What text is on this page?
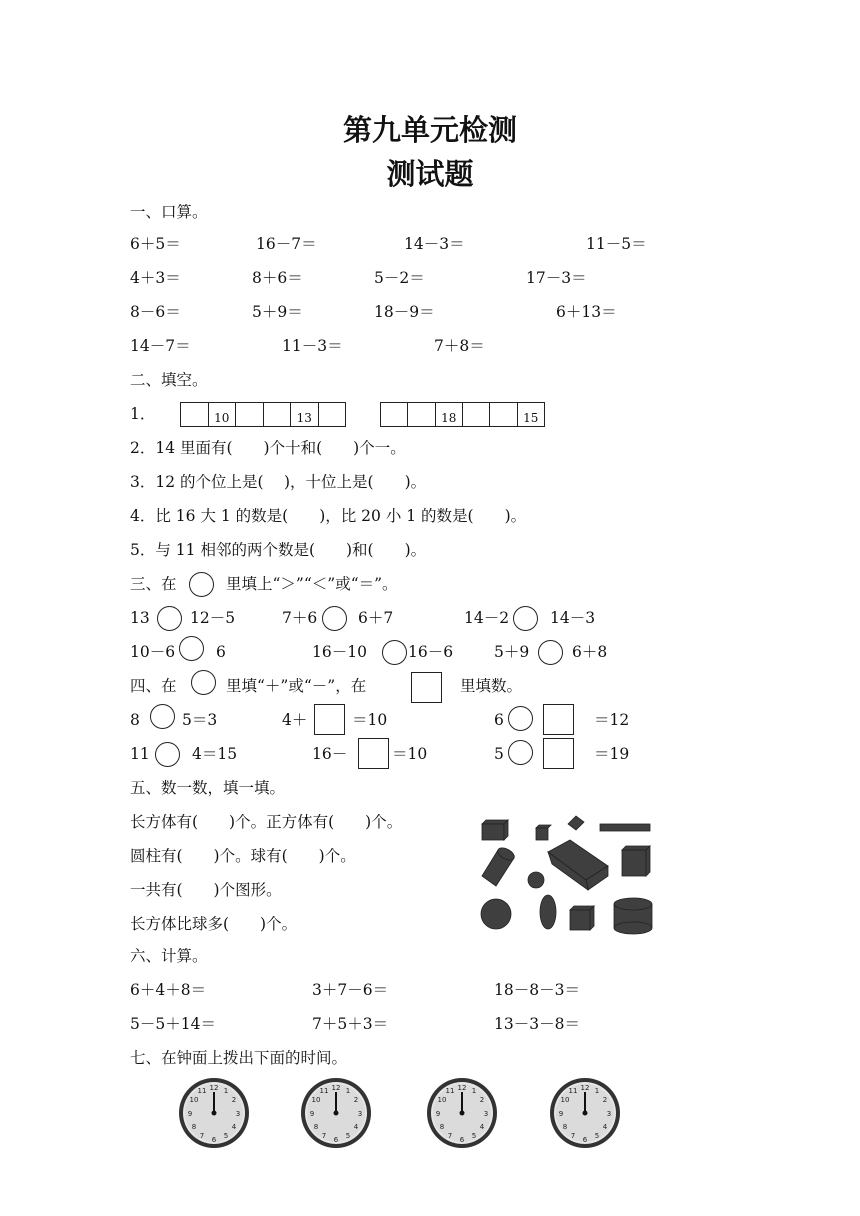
第九单元检测
测试题
一、口算。
6＋5＝	16－7＝	14－3＝	11－5＝
4＋3＝	8＋6＝	5－2＝	17－3＝
8－6＝	5＋9＝	18－9＝	6＋13＝
14－7＝	11－3＝	7＋8＝
二、填空。
1．	10	13	18	15
2．14 里面有(　　)个十和(　　)个一。
3．12 的个位上是(　 )，十位上是(　　)。
4．比 16 大 1 的数是(　　)，比 20 小 1 的数是(　　)。
5．与 11 相邻的两个数是(　　)和(　　)。
三、在	里填上“＞”“＜”或“＝”。
13	12－5	7＋6	6＋7	14－2	14－3
10－6	6	16－10	16－6	5＋9	6＋8
四、在	里填“＋”或“－”，在	里填数。
8	5＝3	4＋	＝10	6	＝12
11	4＝15	16－	＝10	5	＝19
五、数一数，填一填。
长方体有(　　)个。正方体有(　　)个。
圆柱有(　　)个。球有(　　)个。
一共有(　　)个图形。
长方体比球多(　　)个。
六、计算。
6＋4＋8＝	3＋7－6＝	18－8－3＝
5－5＋14＝	7＋5＋3＝	13－3－8＝
七、在钟面上拨出下面的时间。
12 1
2
3
4
5
6
7
8
9
10
11	12 1
2
3
4
5
6
7
8
9
10
11	12 1
2
3
4
5
6
7
8
9
10
11	12 1
2
3
4
5
6
7
8
9
10
11
